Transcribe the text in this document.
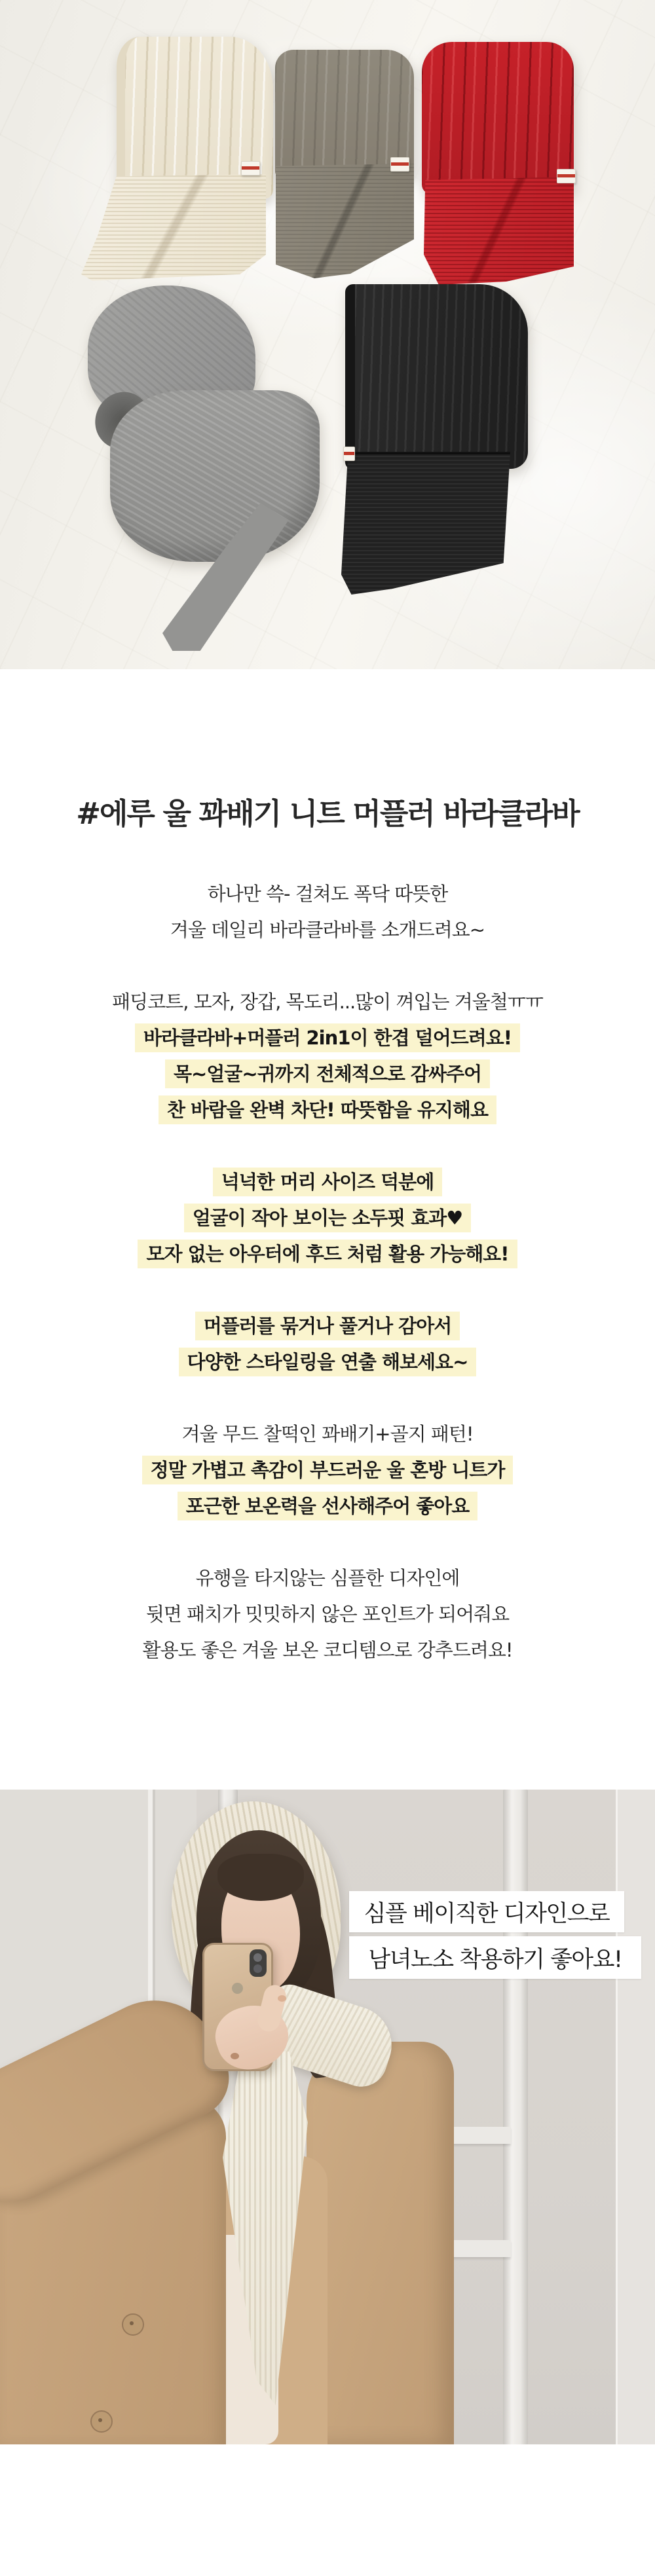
#에루 울 꽈배기 니트 머플러 바라클라바

하나만 쓱- 걸쳐도 폭닥 따뜻한

겨울 데일리 바라클라바를 소개드려요~

패딩코트, 모자, 장갑, 목도리...많이 껴입는 겨울철ㅠㅠ

바라클라바+머플러 2in1이 한겹 덜어드려요!

목~얼굴~귀까지 전체적으로 감싸주어

찬 바람을 완벽 차단! 따뜻함을 유지해요

넉넉한 머리 사이즈 덕분에

얼굴이 작아 보이는 소두핏 효과♥

모자 없는 아우터에 후드 처럼 활용 가능해요!

머플러를 묶거나 풀거나 감아서

다양한 스타일링을 연출 해보세요~

겨울 무드 찰떡인 꽈배기+골지 패턴!

정말 가볍고 촉감이 부드러운 울 혼방 니트가

포근한 보온력을 선사해주어 좋아요

유행을 타지않는 심플한 디자인에

뒷면 패치가 밋밋하지 않은 포인트가 되어줘요

활용도 좋은 겨울 보온 코디템으로 강추드려요!

심플 베이직한 디자인으로
남녀노소 착용하기 좋아요!
